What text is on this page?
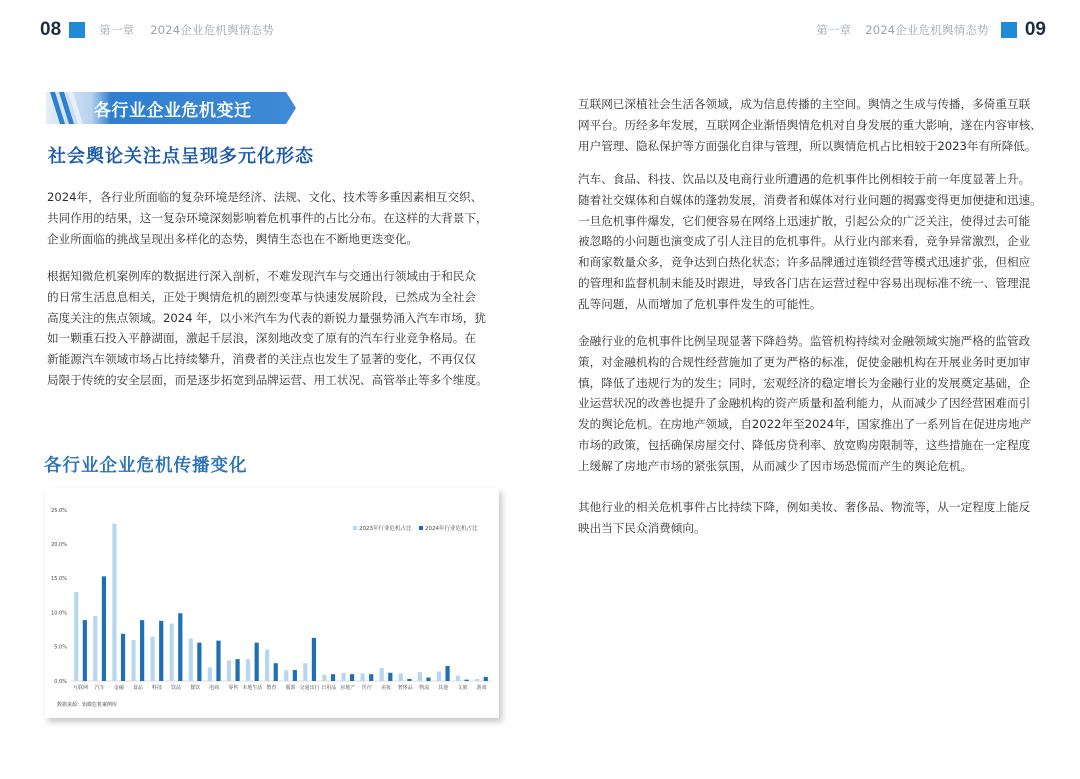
08	第一章 2024企业危机舆情态势	第一章 2024企业危机舆情态势 09
各行业企业危机变迁
社会舆论关注点呈现多元化形态
2024年，各行业所面临的复杂环境是经济、法规、文化、技术等多重因素相互交织、
共同作用的结果，这一复杂环境深刻影响着危机事件的占比分布。在这样的大背景下，
企业所面临的挑战呈现出多样化的态势，舆情生态也在不断地更迭变化。
根据知微危机案例库的数据进行深入剖析，不难发现汽车与交通出行领域由于和民众
的日常生活息息相关，正处于舆情危机的剧烈变革与快速发展阶段，已然成为全社会
高度关注的焦点领域。2024 年，以小米汽车为代表的新锐力量强势涌入汽车市场，犹
如一颗重石投入平静湖面，激起千层浪，深刻地改变了原有的汽车行业竞争格局。在
新能源汽车领域市场占比持续攀升，消费者的关注点也发生了显著的变化，不再仅仅
局限于传统的安全层面，而是逐步拓宽到品牌运营、用工状况、高管举止等多个维度。
各行业企业危机传播变化
0.0%
5.0%
10.0%
15.0%
20.0%
25.0%
互联网 汽车 金融 食品 科技 饮品 餐饮 电商 零售 本地生活 教育 服饰 交通出行 日用品 房地产 医疗 美妆 奢侈品 物流 其他 文旅 游戏
2023年行业危机占比 2024年行业危机占比
数据来源：知微危机案例库
互联网已深植社会生活各领域，成为信息传播的主空间。舆情之生成与传播，多倚重互联
网平台。历经多年发展，互联网企业渐悟舆情危机对自身发展的重大影响，遂在内容审核、
用户管理、隐私保护等方面强化自律与管理，所以舆情危机占比相较于2023年有所降低。
汽车、食品、科技、饮品以及电商行业所遭遇的危机事件比例相较于前一年度显著上升。
随着社交媒体和自媒体的蓬勃发展，消费者和媒体对行业问题的揭露变得更加便捷和迅速。
一旦危机事件爆发，它们便容易在网络上迅速扩散，引起公众的广泛关注，使得过去可能
被忽略的小问题也演变成了引人注目的危机事件。从行业内部来看，竞争异常激烈，企业
和商家数量众多，竞争达到白热化状态；许多品牌通过连锁经营等模式迅速扩张，但相应
的管理和监督机制未能及时跟进，导致各门店在运营过程中容易出现标准不统一、管理混
乱等问题，从而增加了危机事件发生的可能性。
金融行业的危机事件比例呈现显著下降趋势。监管机构持续对金融领域实施严格的监管政
策，对金融机构的合规性经营施加了更为严格的标准，促使金融机构在开展业务时更加审
慎，降低了违规行为的发生；同时，宏观经济的稳定增长为金融行业的发展奠定基础，企
业运营状况的改善也提升了金融机构的资产质量和盈利能力，从而减少了因经营困难而引
发的舆论危机。在房地产领域，自2022年至2024年，国家推出了一系列旨在促进房地产
市场的政策，包括确保房屋交付、降低房贷利率、放宽购房限制等，这些措施在一定程度
上缓解了房地产市场的紧张氛围，从而减少了因市场恐慌而产生的舆论危机。
其他行业的相关危机事件占比持续下降，例如美妆、奢侈品、物流等，从一定程度上能反
映出当下民众消费倾向。
